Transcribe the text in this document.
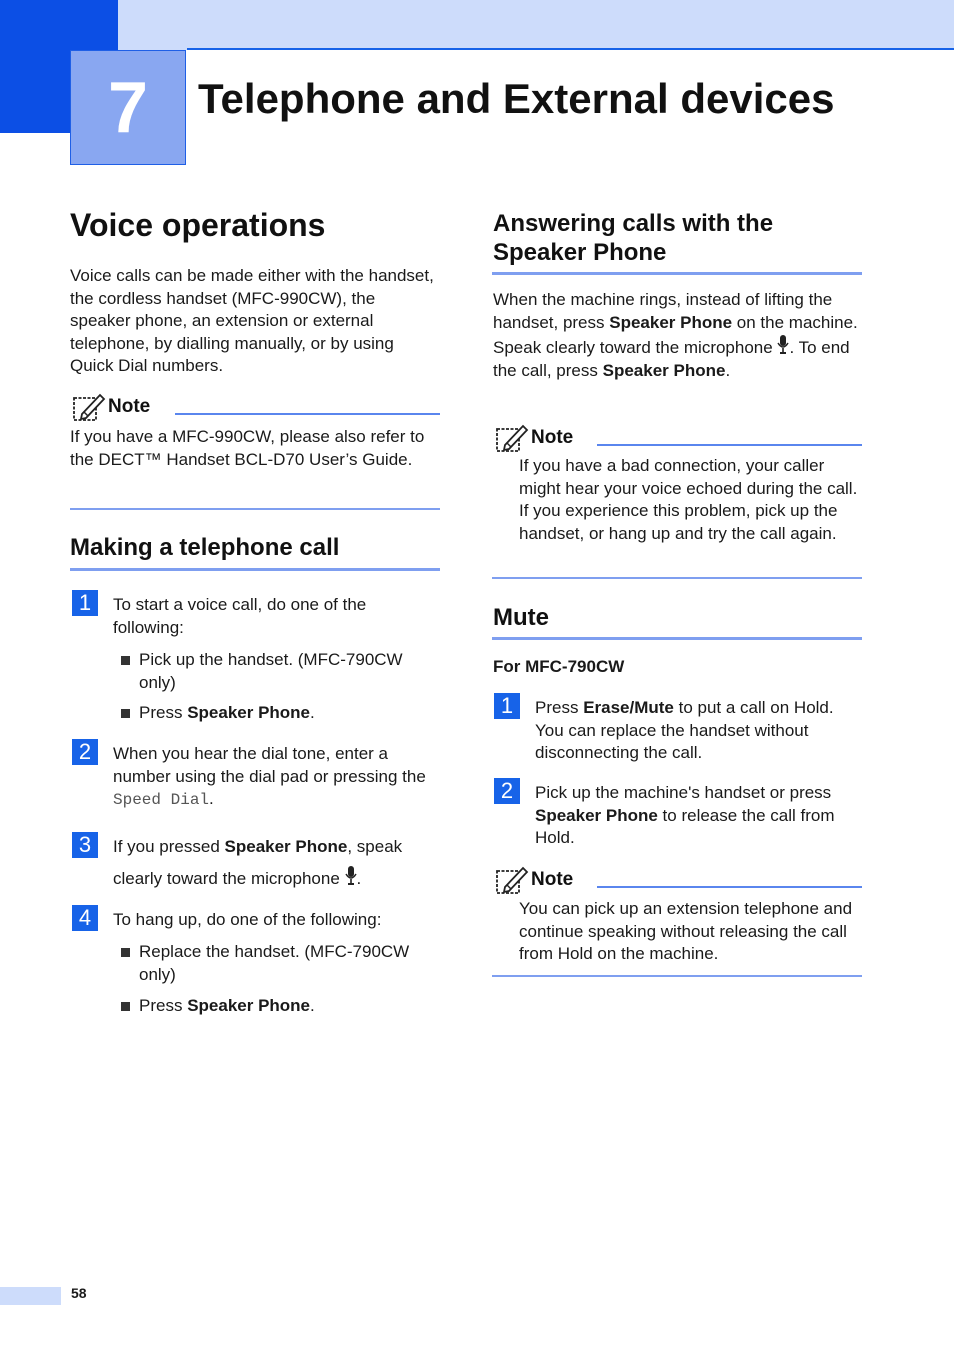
7 Telephone and External devices
Voice operations

Voice calls can be made either with the handset, the cordless handset (MFC-990CW), the speaker phone, an extension or external telephone, by dialling manually, or by using Quick Dial numbers.

Note

If you have a MFC-990CW, please also refer to the DECT™ Handset BCL-D70 User’s Guide.

Making a telephone call
1	To start a voice call, do one of the following:

Pick up the handset. (MFC-790CW only)
Press Speaker Phone.
2	When you hear the dial tone, enter a number using the dial pad or pressing the Speed Dial.

3	If you pressed Speaker Phone, speak clearly toward the microphone .

4	To hang up, do one of the following:

Replace the handset. (MFC-790CW only)
Press Speaker Phone.
Answering calls with the
Speaker Phone

When the machine rings, instead of lifting the handset, press Speaker Phone on the machine. Speak clearly toward the microphone . To end the call, press Speaker Phone.

Note

If you have a bad connection, your caller might hear your voice echoed during the call. If you experience this problem, pick up the handset, or hang up and try the call again.

Mute
For MFC-790CW
1	Press Erase/Mute to put a call on Hold. You can replace the handset without disconnecting the call.

2	Pick up the machine's handset or press Speaker Phone to release the call from Hold.

Note

You can pick up an extension telephone and continue speaking without releasing the call from Hold on the machine.

58
